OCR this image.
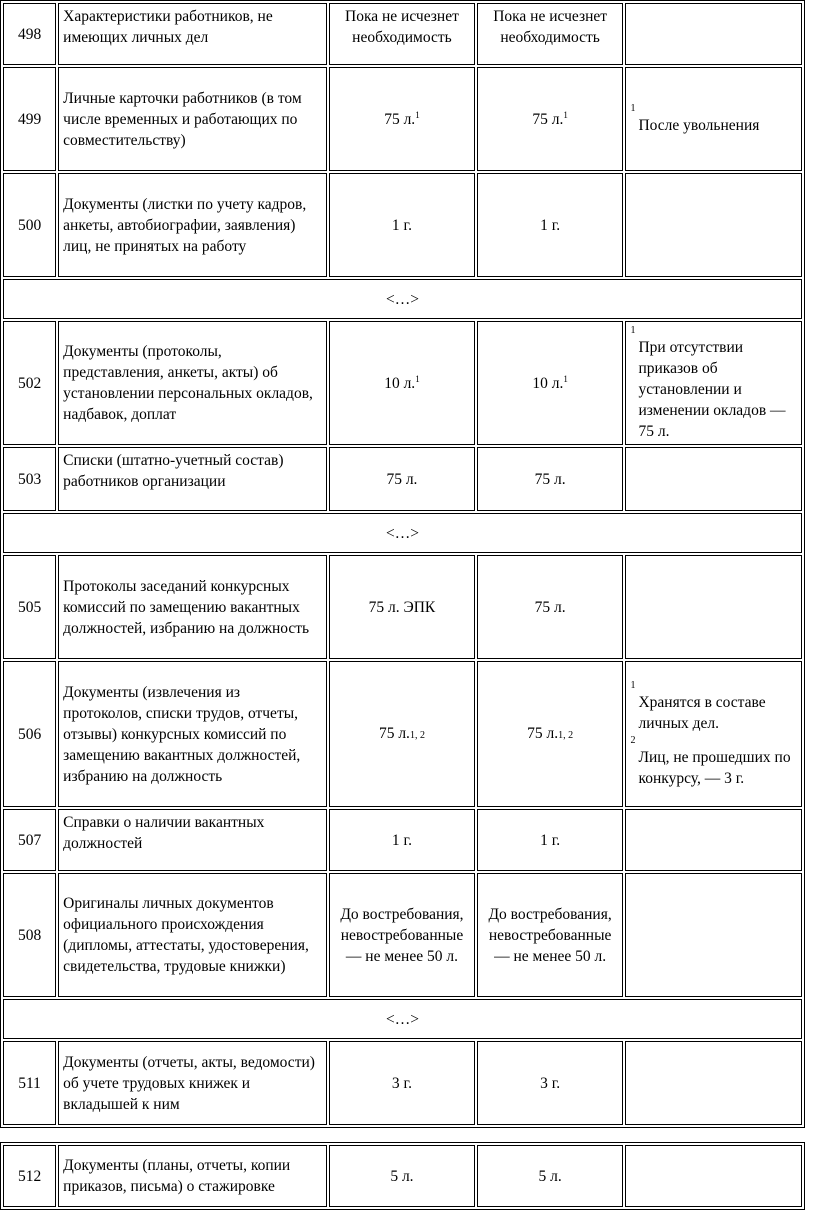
498	Характеристики работников, не имеющих личных дел	Пока не исчезнет необходимость	Пока не исчезнет необходимость	
499	Личные карточки работников (в том числе временных и работающих по совместительству)	75 л.$^1$	75 л.$^1$	1
После увольнения

500	Документы (листки по учету кадров, анкеты, автобиографии, заявления) лиц, не принятых на работу	1 г.	1 г.	
<…>				
502	Документы (протоколы, представления, анкеты, акты) об установлении персональных окладов, надбавок, доплат	10 л.$^1$	10 л.$^1$	1
При отсутствии приказов об установлении и изменении окладов — 75 л.

503	Списки (штатно-учетный состав) работников организации	75 л.	75 л.	
<…>				
505	Протоколы заседаний конкурсных комиссий по замещению вакантных должностей, избранию на должность	75 л. ЭПК	75 л.	
506	Документы (извлечения из протоколов, списки трудов, отчеты, отзывы) конкурсных комиссий по замещению вакантных должностей, избранию на должность	75 л.1, 2	75 л.1, 2	1
Хранятся в составе личных дел.
2
Лиц, не прошедших по конкурсу, — 3 г.

507	Справки о наличии вакантных должностей	1 г.	1 г.	
508	Оригиналы личных документов официального происхождения (дипломы, аттестаты, удостоверения, свидетельства, трудовые книжки)	До востребования, невостребованные — не менее 50 л.	До востребования, невостребованные — не менее 50 л.	
<…>				
511	Документы (отчеты, акты, ведомости) об учете трудовых книжек и вкладышей к ним	3 г.	3 г.	
512	Документы (планы, отчеты, копии приказов, письма) о стажировке	5 л.	5 л.	
